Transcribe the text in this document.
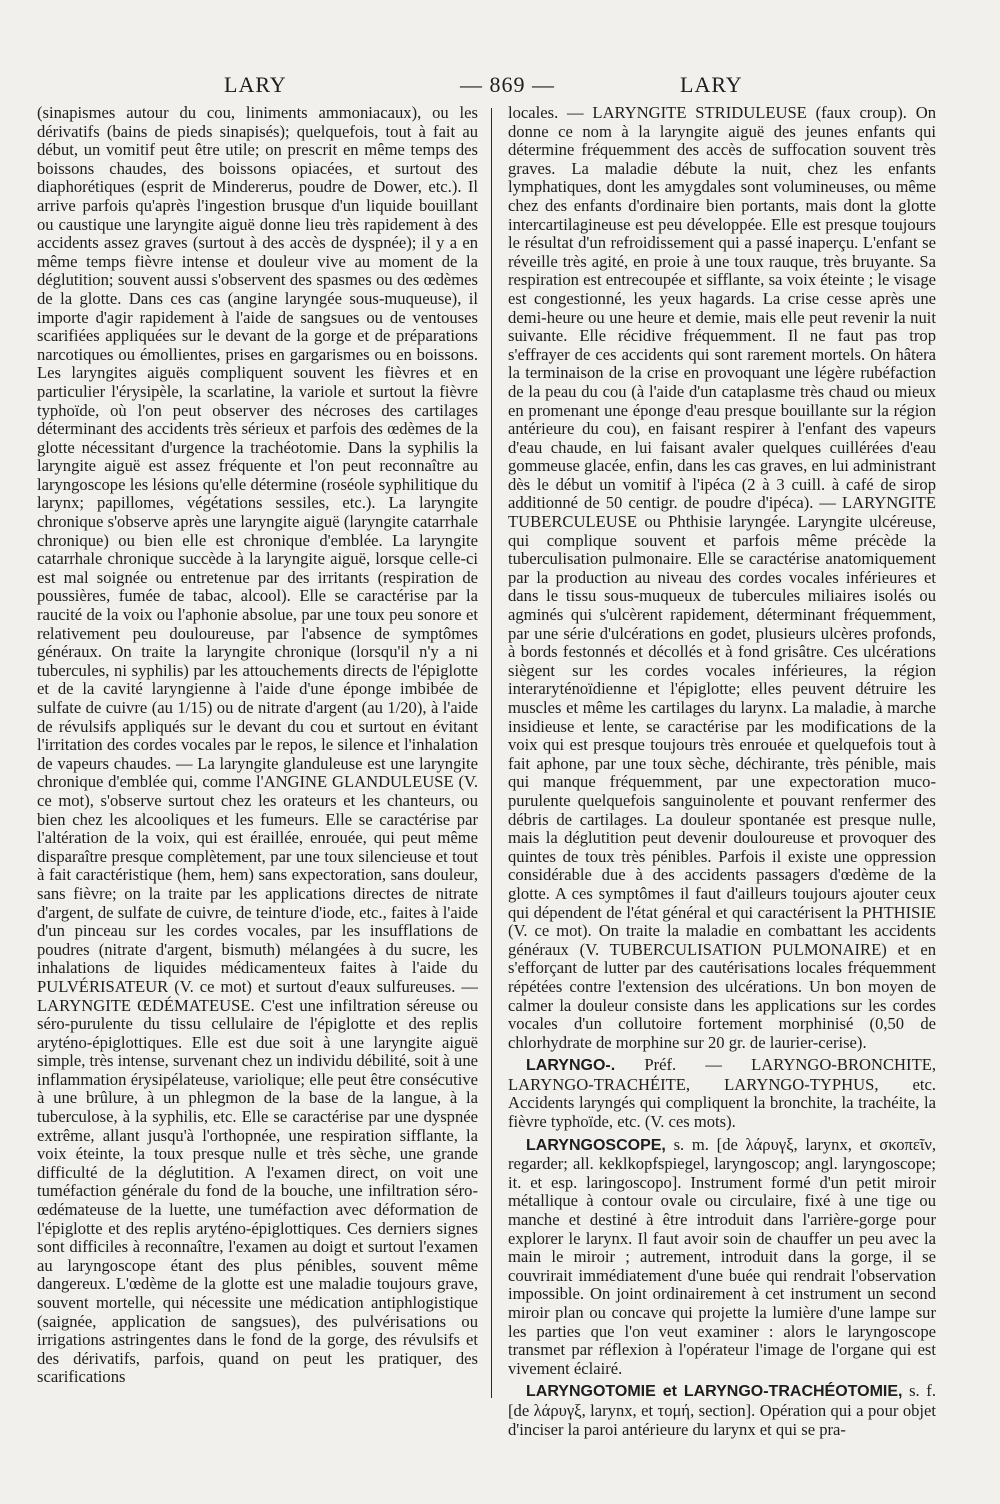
LARY	— 869 —	LARY

(sinapismes autour du cou, liniments ammoniacaux), ou les dérivatifs (bains de pieds sinapisés); quelquefois, tout à fait au début, un vomitif peut être utile; on prescrit en même temps des boissons chaudes, des boissons opiacées, et surtout des diaphorétiques (esprit de Mindererus, poudre de Dower, etc.). Il arrive parfois qu'après l'ingestion brusque d'un liquide bouillant ou caustique une laryngite aiguë donne lieu très rapidement à des accidents assez graves (surtout à des accès de dyspnée); il y a en même temps fièvre intense et douleur vive au moment de la déglutition; souvent aussi s'observent des spasmes ou des œdèmes de la glotte. Dans ces cas (angine laryngée sous-muqueuse), il importe d'agir rapidement à l'aide de sangsues ou de ventouses scarifiées appliquées sur le devant de la gorge et de préparations narcotiques ou émollientes, prises en gargarismes ou en boissons. Les laryngites aiguës compliquent souvent les fièvres et en particulier l'érysipèle, la scarlatine, la variole et surtout la fièvre typhoïde, où l'on peut observer des nécroses des cartilages déterminant des accidents très sérieux et parfois des œdèmes de la glotte nécessitant d'urgence la trachéotomie. Dans la syphilis la laryngite aiguë est assez fréquente et l'on peut reconnaître au laryngoscope les lésions qu'elle détermine (roséole syphilitique du larynx; papillomes, végétations sessiles, etc.). La laryngite chronique s'observe après une laryngite aiguë (laryngite catarrhale chronique) ou bien elle est chronique d'emblée. La laryngite catarrhale chronique succède à la laryngite aiguë, lorsque celle-ci est mal soignée ou entretenue par des irritants (respiration de poussières, fumée de tabac, alcool). Elle se caractérise par la raucité de la voix ou l'aphonie absolue, par une toux peu sonore et relativement peu douloureuse, par l'absence de symptômes généraux. On traite la laryngite chronique (lorsqu'il n'y a ni tubercules, ni syphilis) par les attouchements directs de l'épiglotte et de la cavité laryngienne à l'aide d'une éponge imbibée de sulfate de cuivre (au 1/15) ou de nitrate d'argent (au 1/20), à l'aide de révulsifs appliqués sur le devant du cou et surtout en évitant l'irritation des cordes vocales par le repos, le silence et l'inhalation de vapeurs chaudes. — La laryngite glanduleuse est une laryngite chronique d'emblée qui, comme l'ANGINE GLANDULEUSE (V. ce mot), s'observe surtout chez les orateurs et les chanteurs, ou bien chez les alcooliques et les fumeurs. Elle se caractérise par l'altération de la voix, qui est éraillée, enrouée, qui peut même disparaître presque complètement, par une toux silencieuse et tout à fait caractéristique (hem, hem) sans expectoration, sans douleur, sans fièvre; on la traite par les applications directes de nitrate d'argent, de sulfate de cuivre, de teinture d'iode, etc., faites à l'aide d'un pinceau sur les cordes vocales, par les insufflations de poudres (nitrate d'argent, bismuth) mélangées à du sucre, les inhalations de liquides médicamenteux faites à l'aide du PULVÉRISATEUR (V. ce mot) et surtout d'eaux sulfureuses. — LARYNGITE ŒDÉMATEUSE. C'est une infiltration séreuse ou séro-purulente du tissu cellulaire de l'épiglotte et des replis aryténo-épiglottiques. Elle est due soit à une laryngite aiguë simple, très intense, survenant chez un individu débilité, soit à une inflammation érysipélateuse, variolique; elle peut être consécutive à une brûlure, à un phlegmon de la base de la langue, à la tuberculose, à la syphilis, etc. Elle se caractérise par une dyspnée extrême, allant jusqu'à l'orthopnée, une respiration sifflante, la voix éteinte, la toux presque nulle et très sèche, une grande difficulté de la déglutition. A l'examen direct, on voit une tuméfaction générale du fond de la bouche, une infiltration séro-œdémateuse de la luette, une tuméfaction avec déformation de l'épiglotte et des replis aryténo-épiglottiques. Ces derniers signes sont difficiles à reconnaître, l'examen au doigt et surtout l'examen au laryngoscope étant des plus pénibles, souvent même dangereux. L'œdème de la glotte est une maladie toujours grave, souvent mortelle, qui nécessite une médication antiphlogistique (saignée, application de sangsues), des pulvérisations ou irrigations astringentes dans le fond de la gorge, des révulsifs et des dérivatifs, parfois, quand on peut les pratiquer, des scarifications

locales. — LARYNGITE STRIDULEUSE (faux croup). On donne ce nom à la laryngite aiguë des jeunes enfants qui détermine fréquemment des accès de suffocation souvent très graves. La maladie débute la nuit, chez les enfants lymphatiques, dont les amygdales sont volumineuses, ou même chez des enfants d'ordinaire bien portants, mais dont la glotte intercartilagineuse est peu développée. Elle est presque toujours le résultat d'un refroidissement qui a passé inaperçu. L'enfant se réveille très agité, en proie à une toux rauque, très bruyante. Sa respiration est entrecoupée et sifflante, sa voix éteinte ; le visage est congestionné, les yeux hagards. La crise cesse après une demi-heure ou une heure et demie, mais elle peut revenir la nuit suivante. Elle récidive fréquemment. Il ne faut pas trop s'effrayer de ces accidents qui sont rarement mortels. On hâtera la terminaison de la crise en provoquant une légère rubéfaction de la peau du cou (à l'aide d'un cataplasme très chaud ou mieux en promenant une éponge d'eau presque bouillante sur la région antérieure du cou), en faisant respirer à l'enfant des vapeurs d'eau chaude, en lui faisant avaler quelques cuillérées d'eau gommeuse glacée, enfin, dans les cas graves, en lui administrant dès le début un vomitif à l'ipéca (2 à 3 cuill. à café de sirop additionné de 50 centigr. de poudre d'ipéca). — LARYNGITE TUBERCULEUSE ou Phthisie laryngée. Laryngite ulcéreuse, qui complique souvent et parfois même précède la tuberculisation pulmonaire. Elle se caractérise anatomiquement par la production au niveau des cordes vocales inférieures et dans le tissu sous-muqueux de tubercules miliaires isolés ou agminés qui s'ulcèrent rapidement, déterminant fréquemment, par une série d'ulcérations en godet, plusieurs ulcères profonds, à bords festonnés et décollés et à fond grisâtre. Ces ulcérations siègent sur les cordes vocales inférieures, la région interaryténoïdienne et l'épiglotte; elles peuvent détruire les muscles et même les cartilages du larynx. La maladie, à marche insidieuse et lente, se caractérise par les modifications de la voix qui est presque toujours très enrouée et quelquefois tout à fait aphone, par une toux sèche, déchirante, très pénible, mais qui manque fréquemment, par une expectoration muco-purulente quelquefois sanguinolente et pouvant renfermer des débris de cartilages. La douleur spontanée est presque nulle, mais la déglutition peut devenir douloureuse et provoquer des quintes de toux très pénibles. Parfois il existe une oppression considérable due à des accidents passagers d'œdème de la glotte. A ces symptômes il faut d'ailleurs toujours ajouter ceux qui dépendent de l'état général et qui caractérisent la PHTHISIE (V. ce mot). On traite la maladie en combattant les accidents généraux (V. TUBERCULISATION PULMONAIRE) et en s'efforçant de lutter par des cautérisations locales fréquemment répétées contre l'extension des ulcérations. Un bon moyen de calmer la douleur consiste dans les applications sur les cordes vocales d'un collutoire fortement morphinisé (0,50 de chlorhydrate de morphine sur 20 gr. de laurier-cerise).

LARYNGO-. Préf. — LARYNGO-BRONCHITE, LARYNGO-TRACHÉITE, LARYNGO-TYPHUS, etc. Accidents laryngés qui compliquent la bronchite, la trachéite, la fièvre typhoïde, etc. (V. ces mots).

LARYNGOSCOPE, s. m. [de λάρυγξ, larynx, et σκοπεῖν, regarder; all. keklkopfspiegel, laryngoscop; angl. laryngoscope; it. et esp. laringoscopo]. Instrument formé d'un petit miroir métallique à contour ovale ou circulaire, fixé à une tige ou manche et destiné à être introduit dans l'arrière-gorge pour explorer le larynx. Il faut avoir soin de chauffer un peu avec la main le miroir ; autrement, introduit dans la gorge, il se couvrirait immédiatement d'une buée qui rendrait l'observation impossible. On joint ordinairement à cet instrument un second miroir plan ou concave qui projette la lumière d'une lampe sur les parties que l'on veut examiner : alors le laryngoscope transmet par réflexion à l'opérateur l'image de l'organe qui est vivement éclairé.

LARYNGOTOMIE et LARYNGO-TRACHÉOTOMIE, s. f. [de λάρυγξ, larynx, et τομή, section]. Opération qui a pour objet d'inciser la paroi antérieure du larynx et qui se pra-
